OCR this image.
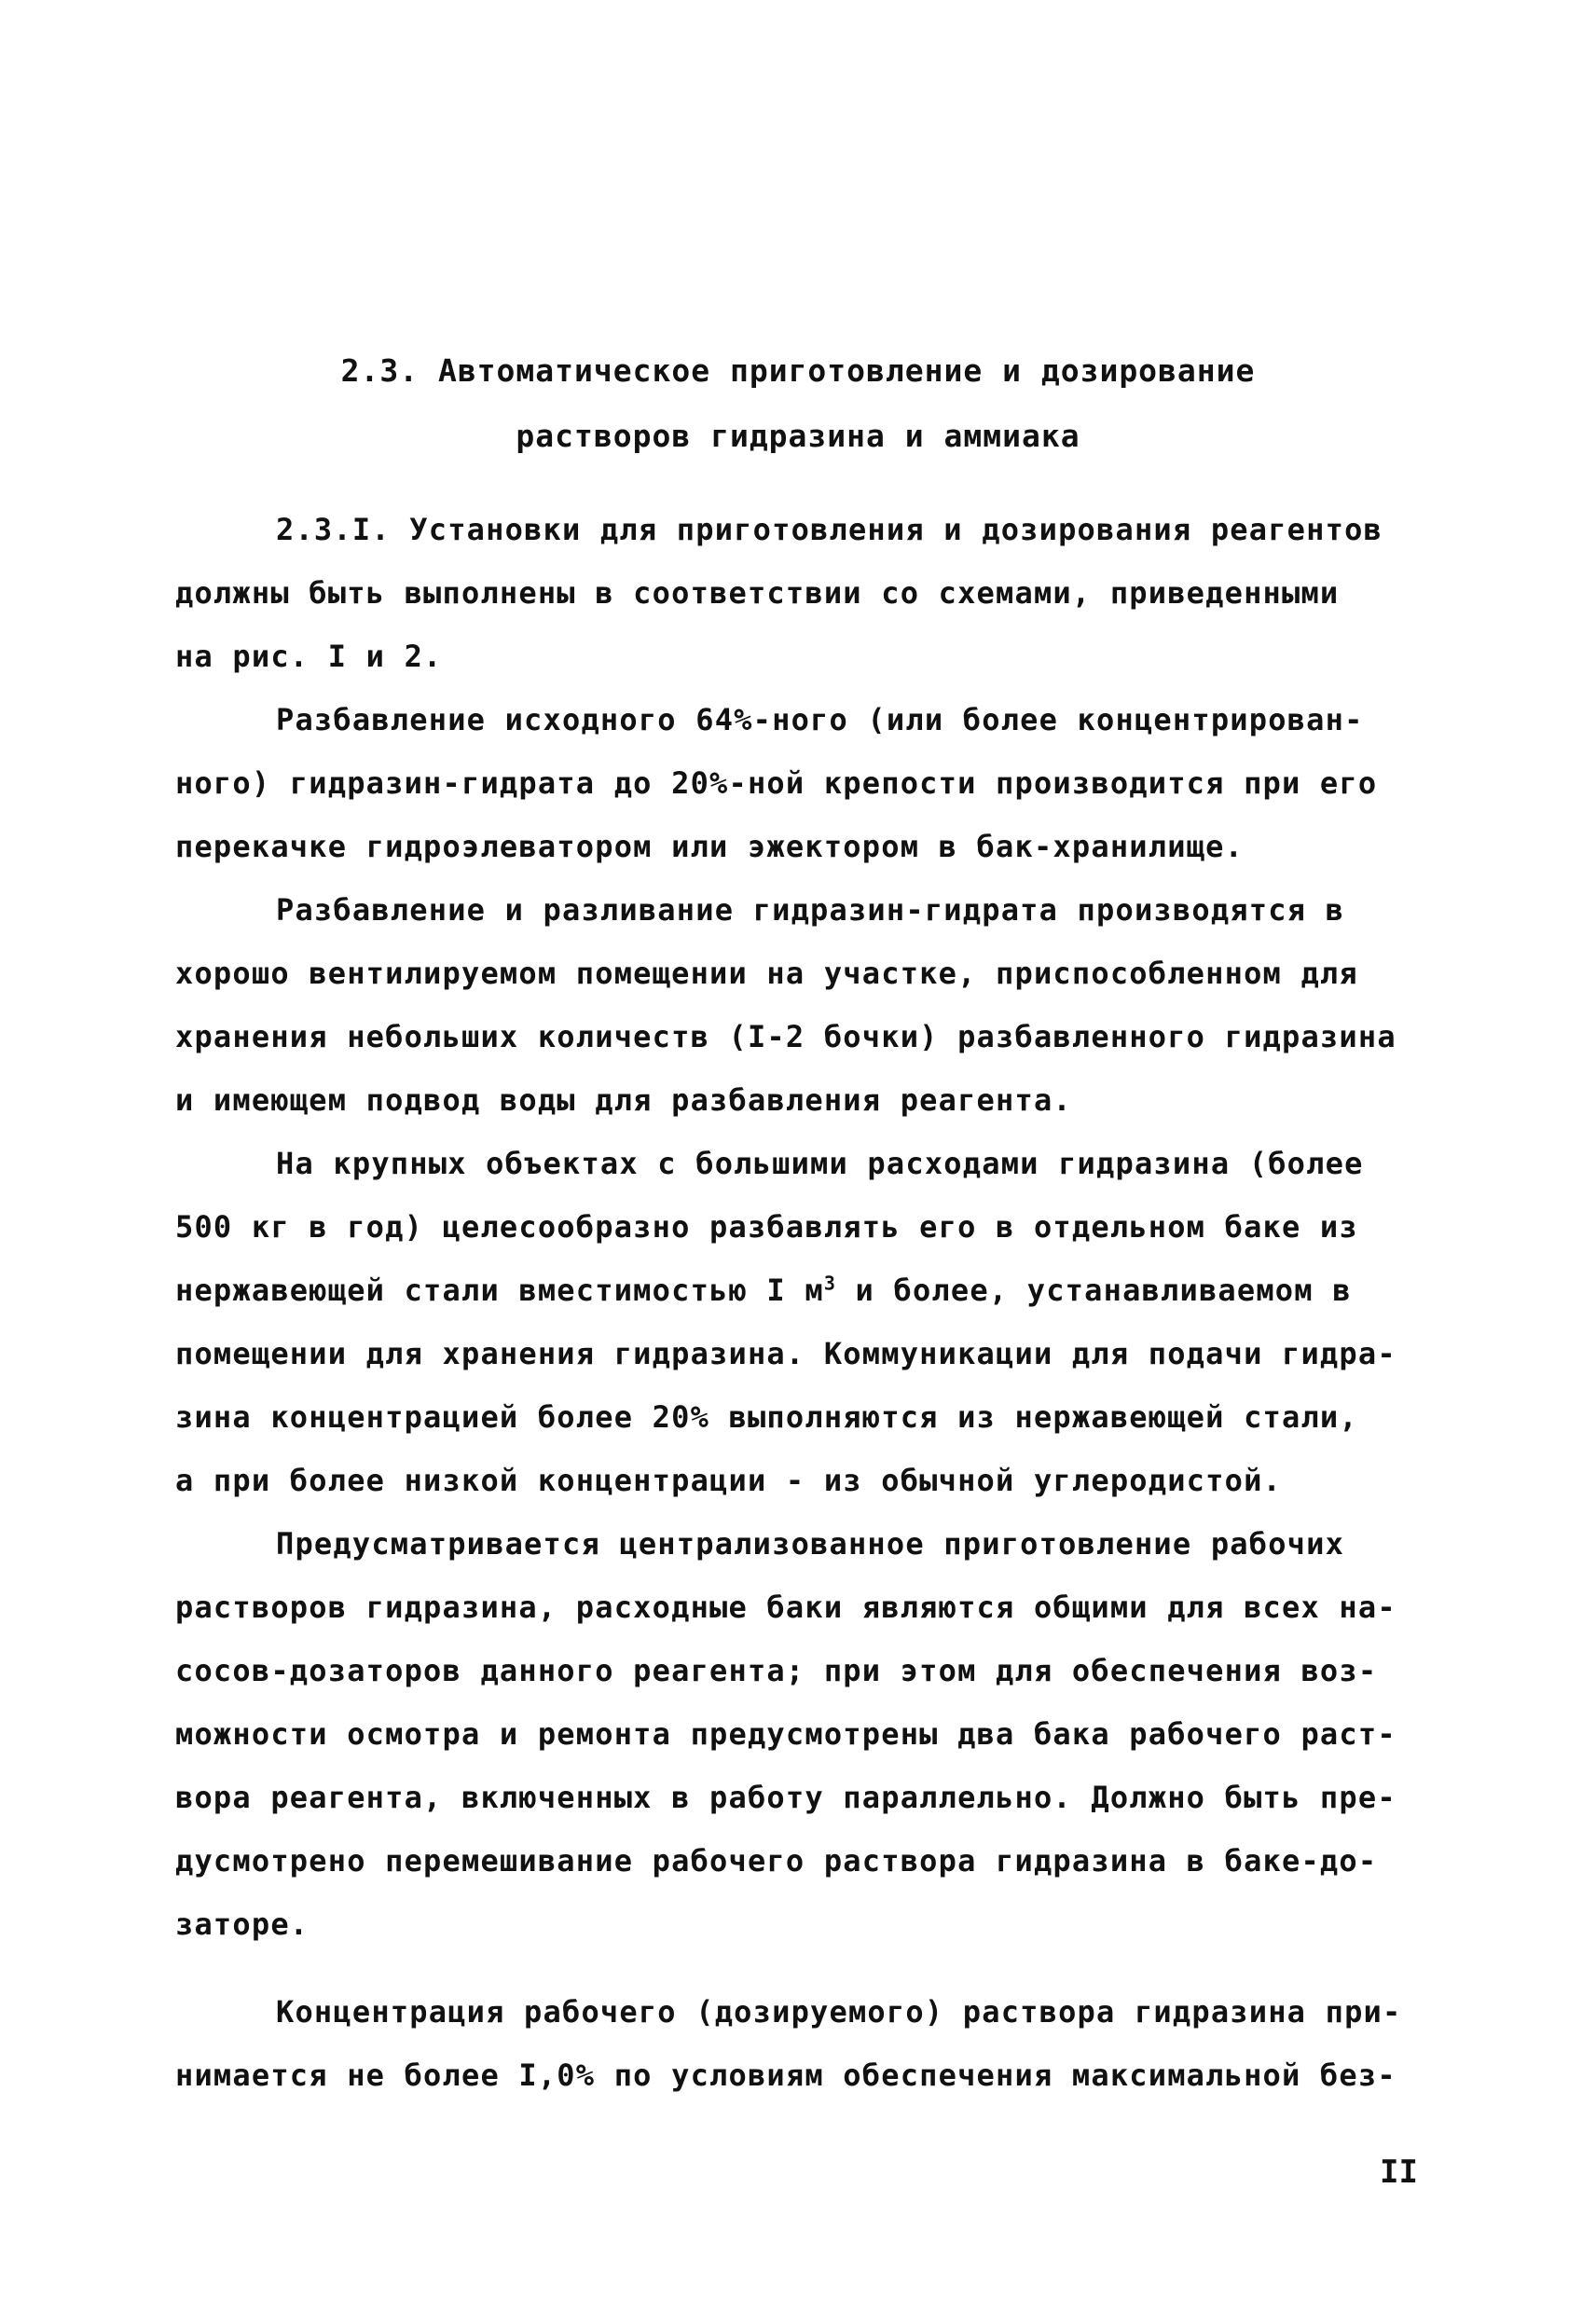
2.3. Автоматическое приготовление и дозирование
растворов гидразина и аммиака
2.3.I. Установки для приготовления и дозирования реагентов
должны быть выполнены в соответствии со схемами, приведенными
на рис. I и 2.
Разбавление исходного 64%-ного (или более концентрирован-
ного) гидразин-гидрата до 20%-ной крепости производится при его
перекачке гидроэлеватором или эжектором в бак-хранилище.
Разбавление и разливание гидразин-гидрата производятся в
хорошо вентилируемом помещении на участке, приспособленном для
хранения небольших количеств (I-2 бочки) разбавленного гидразина
и имеющем подвод воды для разбавления реагента.
На крупных объектах с большими расходами гидразина (более
500 кг в год) целесообразно разбавлять его в отдельном баке из
нержавеющей стали вместимостью I $м^3$ и более, устанавливаемом в
помещении для хранения гидразина. Коммуникации для подачи гидра-
зина концентрацией более 20% выполняются из нержавеющей стали,
а при более низкой концентрации - из обычной углеродистой.
Предусматривается централизованное приготовление рабочих
растворов гидразина, расходные баки являются общими для всех на-
сосов-дозаторов данного реагента; при этом для обеспечения воз-
можности осмотра и ремонта предусмотрены два бака рабочего раст-
вора реагента, включенных в работу параллельно. Должно быть пре-
дусмотрено перемешивание рабочего раствора гидразина в баке-до-
заторе.
Концентрация рабочего (дозируемого) раствора гидразина при-
нимается не более I,0% по условиям обеспечения максимальной без-
II
